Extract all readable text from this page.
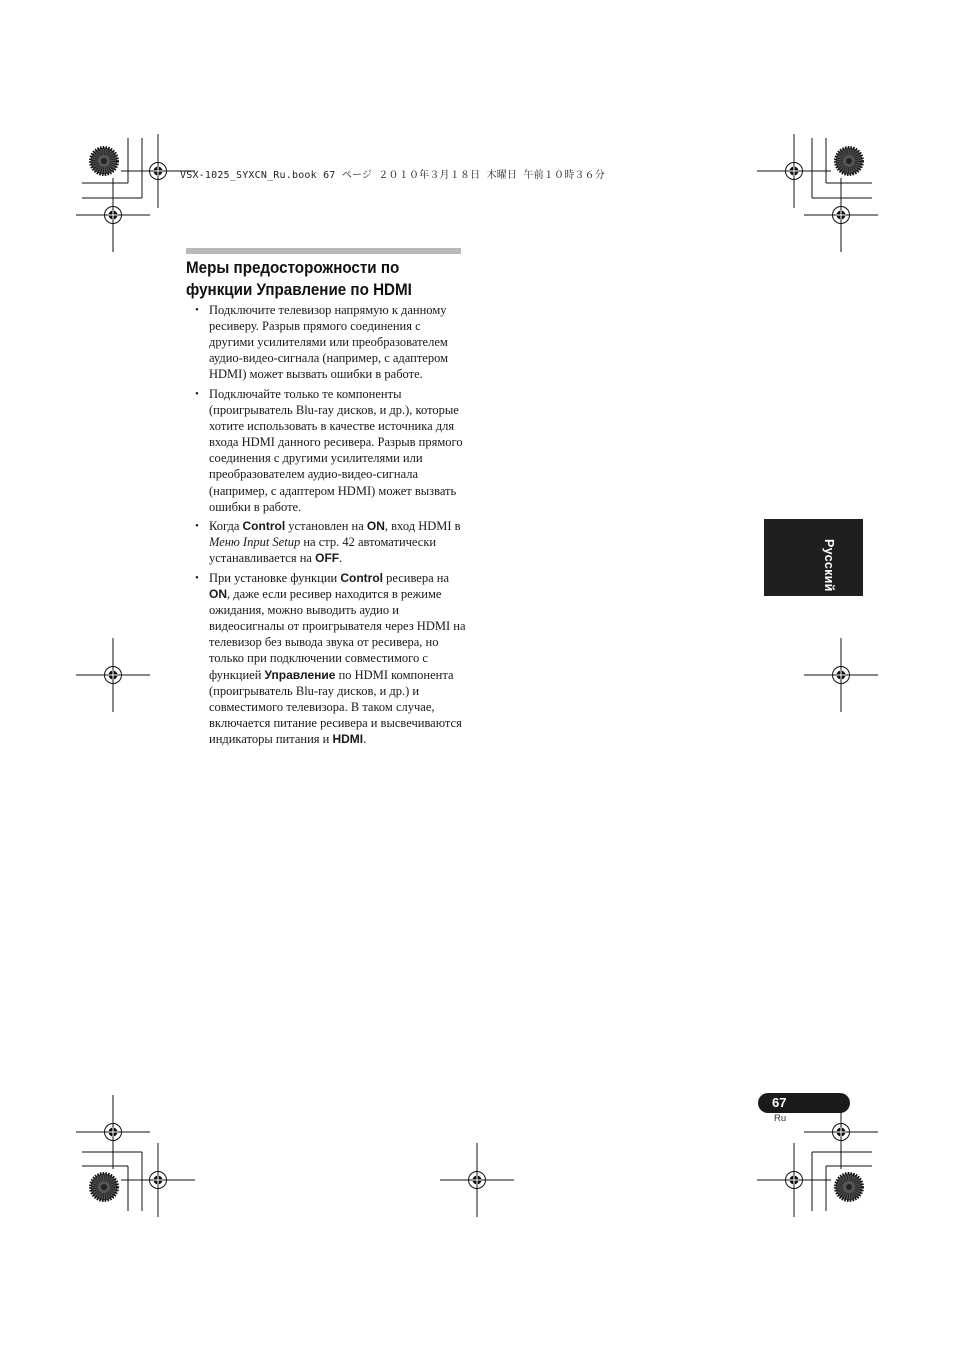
VSX-1025_SYXCN_Ru.book 67 ページ ２０１０年３月１８日 木曜日 午前１０時３６分
Меры предосторожности по
функции Управление по HDMI
• Подключите телевизор напрямую к данному ресиверу. Разрыв прямого соединения с другими усилителями или преобразователем аудио-видео-сигнала (например, с адаптером HDMI) может вызвать ошибки в работе.
• Подключайте только те компоненты (проигрыватель Blu-ray дисков, и др.), которые хотите использовать в качестве источника для входа HDMI данного ресивера. Разрыв прямого соединения с другими усилителями или преобразователем аудио-видео-сигнала (например, с адаптером HDMI) может вызвать ошибки в работе.
• Когда Control установлен на ON, вход HDMI в Меню Input Setup на стр. 42 автоматически устанавливается на OFF.
• При установке функции Control ресивера на ON, даже если ресивер находится в режиме ожидания, можно выводить аудио и видеосигналы от проигрывателя через HDMI на телевизор без вывода звука от ресивера, но только при подключении совместимого с функцией Управление по HDMI компонента (проигрыватель Blu-ray дисков, и др.) и совместимого телевизора. В таком случае, включается питание ресивера и высвечиваются индикаторы питания и HDMI.
Русский
67
Ru
